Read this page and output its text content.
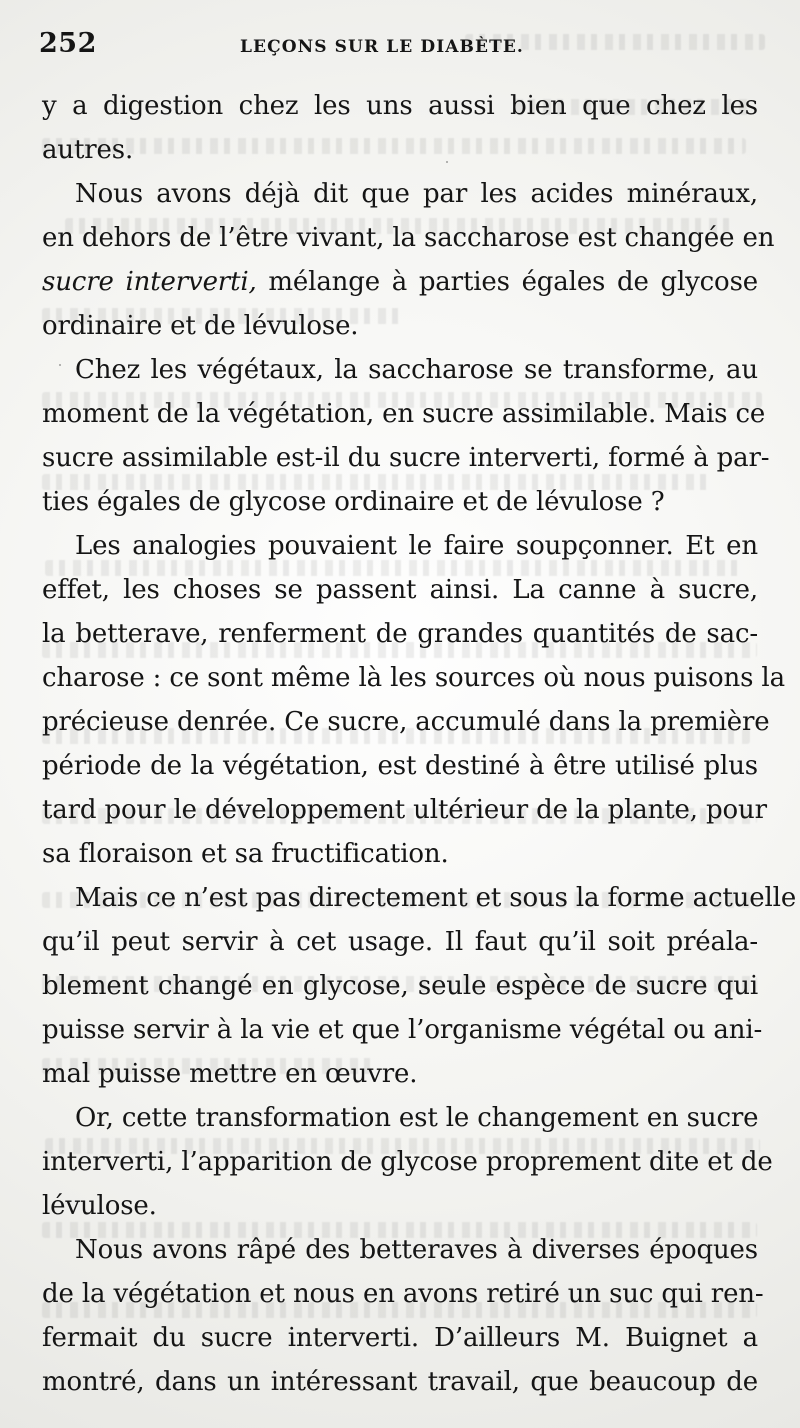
252	LEÇONS SUR LE DIABÈTE.
y a digestion chez les uns aussi bien que chez les
autres.
Nous avons déjà dit que par les acides minéraux,
en dehors de l’être vivant, la saccharose est changée en
sucre interverti, mélange à parties égales de glycose
ordinaire et de lévulose.
Chez les végétaux, la saccharose se transforme, au
moment de la végétation, en sucre assimilable. Mais ce
sucre assimilable est-il du sucre interverti, formé à par-
ties égales de glycose ordinaire et de lévulose ?
Les analogies pouvaient le faire soupçonner. Et en
effet, les choses se passent ainsi. La canne à sucre,
la betterave, renferment de grandes quantités de sac-
charose : ce sont même là les sources où nous puisons la
précieuse denrée. Ce sucre, accumulé dans la première
période de la végétation, est destiné à être utilisé plus
tard pour le développement ultérieur de la plante, pour
sa floraison et sa fructification.
Mais ce n’est pas directement et sous la forme actuelle
qu’il peut servir à cet usage. Il faut qu’il soit préala-
blement changé en glycose, seule espèce de sucre qui
puisse servir à la vie et que l’organisme végétal ou ani-
mal puisse mettre en œuvre.
Or, cette transformation est le changement en sucre
interverti, l’apparition de glycose proprement dite et de
lévulose.
Nous avons râpé des betteraves à diverses époques
de la végétation et nous en avons retiré un suc qui ren-
fermait du sucre interverti. D’ailleurs M. Buignet a
montré, dans un intéressant travail, que beaucoup de
